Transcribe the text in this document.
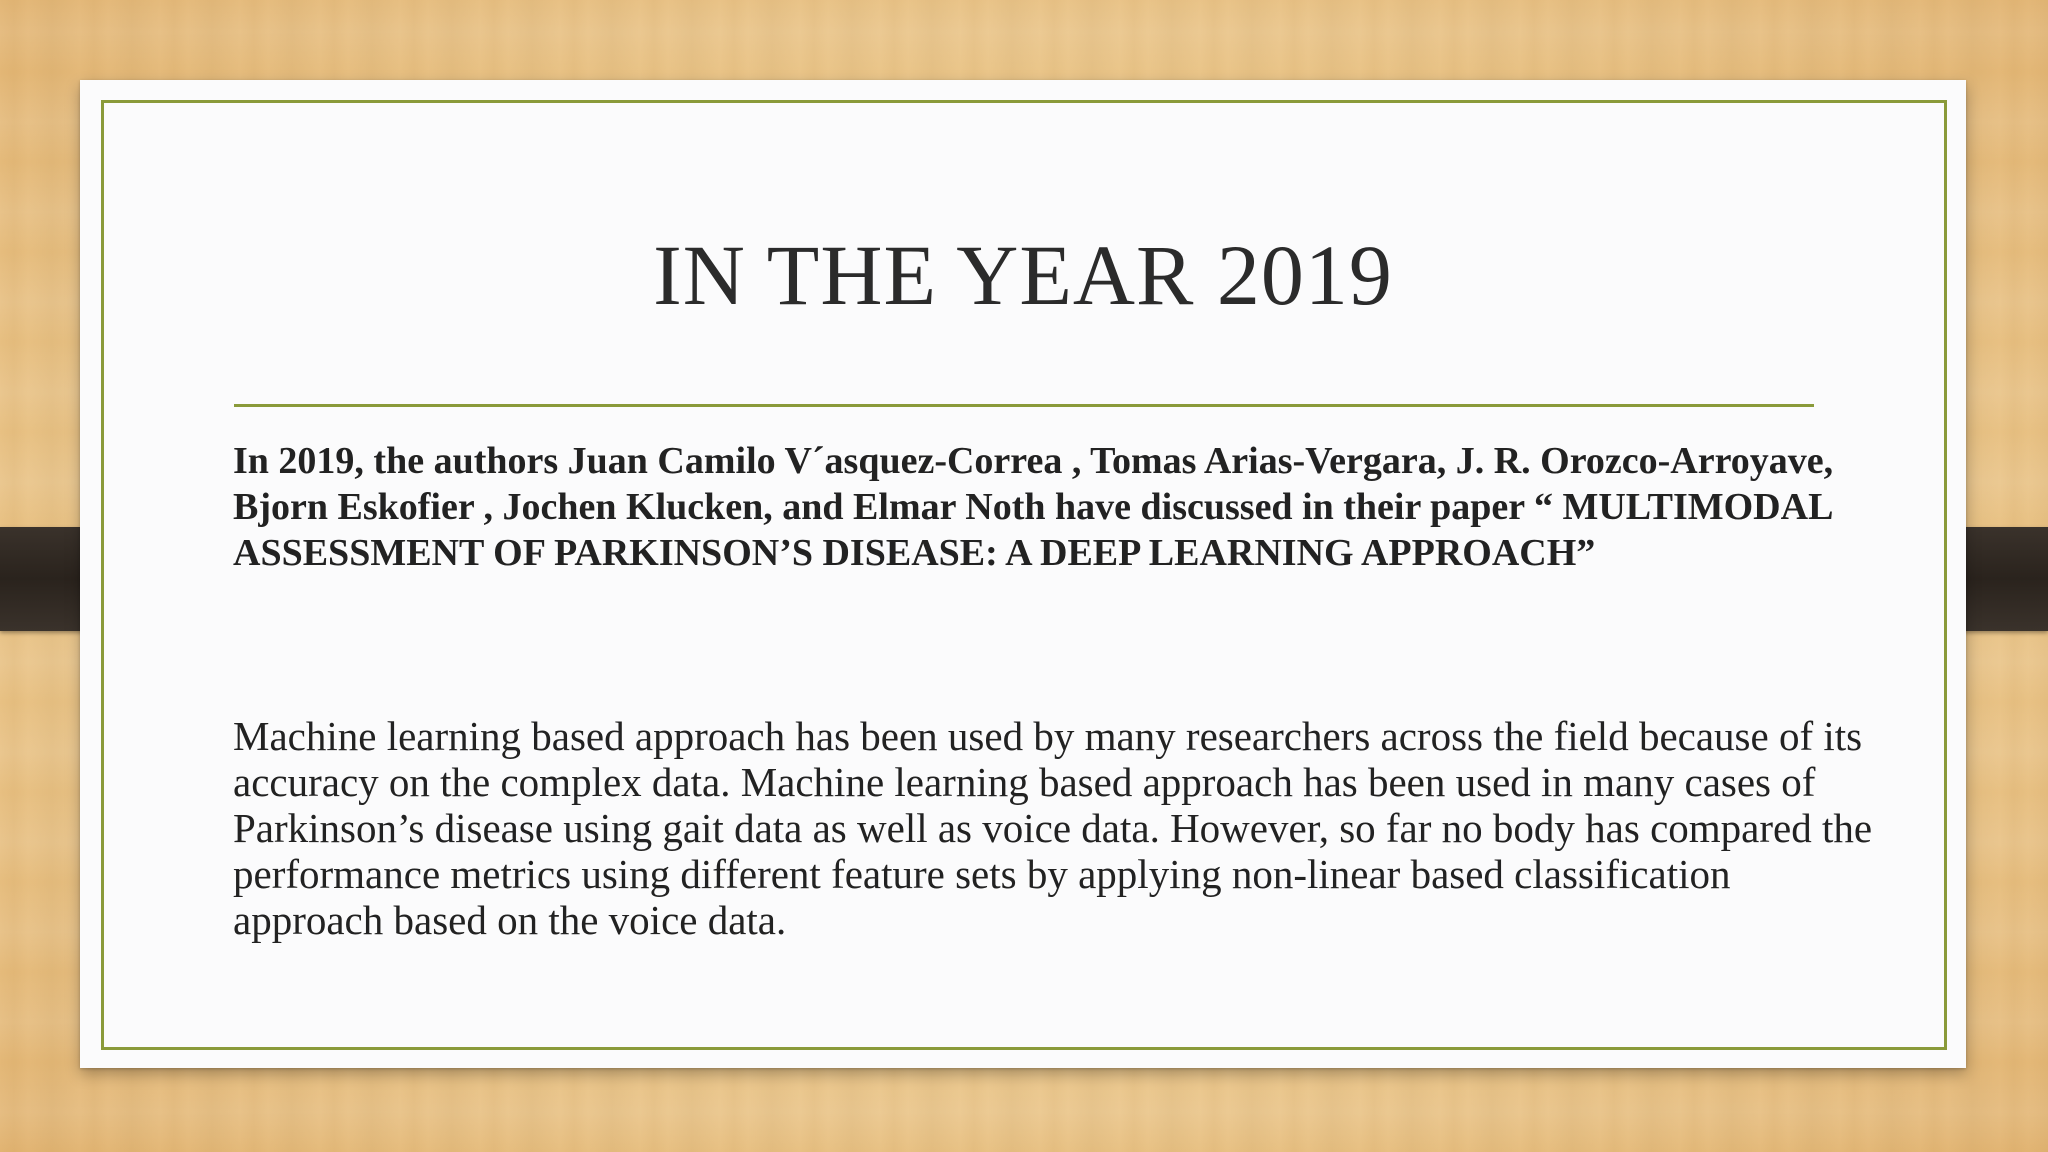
IN THE YEAR 2019
In 2019, the authors Juan Camilo V´asquez-Correa , Tomas Arias-Vergara, J. R. Orozco-Arroyave, Bjorn Eskofier , Jochen Klucken, and Elmar Noth have discussed in their paper “ MULTIMODAL ASSESSMENT OF PARKINSON’S DISEASE: A DEEP LEARNING APPROACH”
Machine learning based approach has been used by many researchers across the field because of its accuracy on the complex data. Machine learning based approach has been used in many cases of Parkinson’s disease using gait data as well as voice data. However, so far no body has compared the performance metrics using different feature sets by applying non-linear based classification approach based on the voice data.
